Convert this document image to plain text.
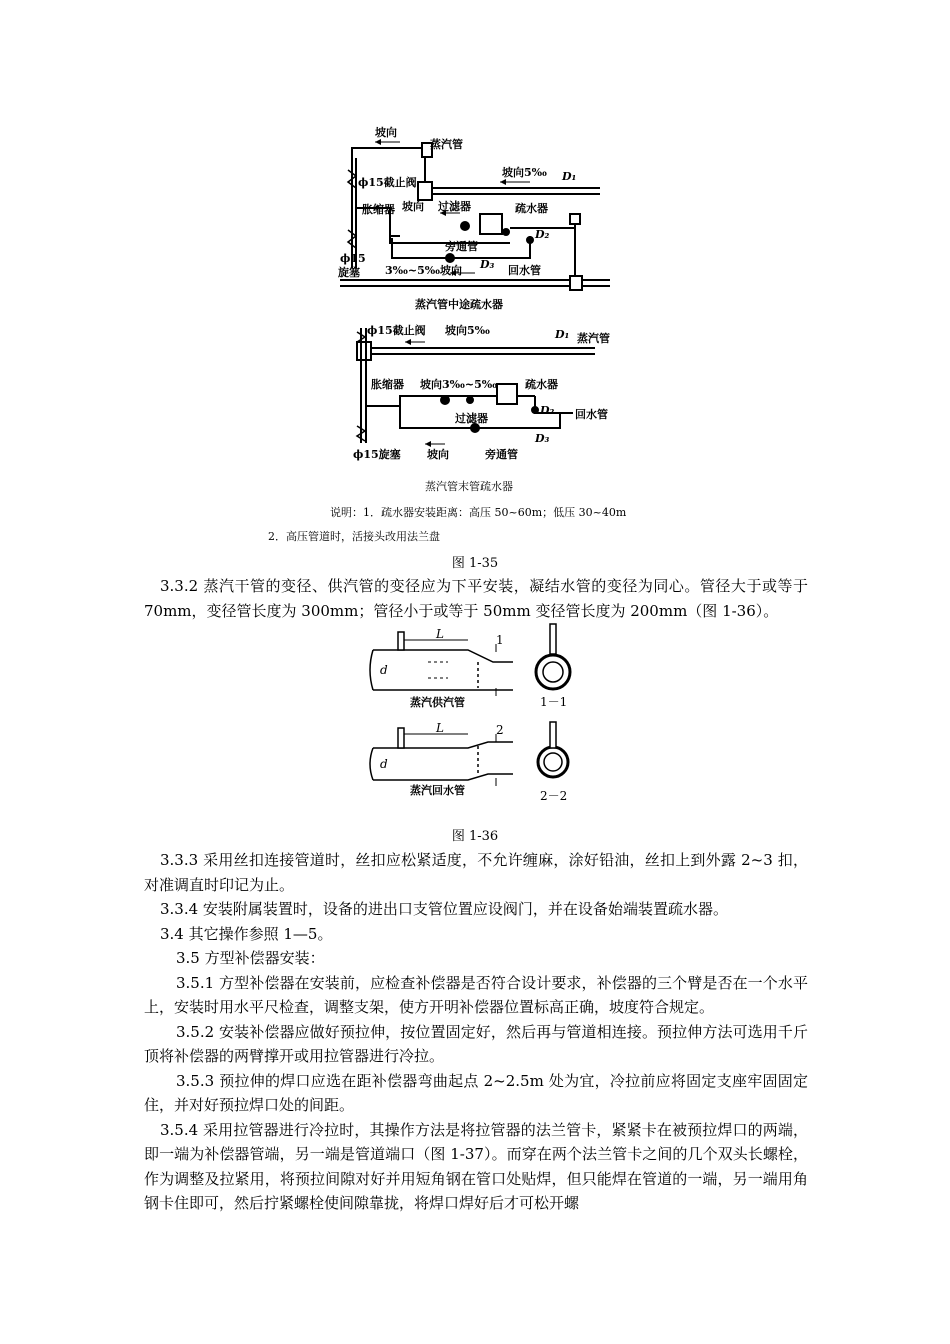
坡向
蒸汽管
ϕ15截止阀
坡向5‰ D₁
胀缩器 坡向 过滤器	疏水器
D₂
旁通管
D₃
ϕ15
旋塞 3‰~5‰坡向	回水管
蒸汽管中途疏水器
ϕ15截止阀 坡向5‰	D₁ 蒸汽管
胀缩器 坡向3‰~5‰	疏水器
过滤器
D₂ 回水管
D₃
ϕ15旋塞 坡向	旁通管
蒸汽管末管疏水器
说明：1．疏水器安装距离：高压 50~60m；低压 30~40m
2．高压管道时，活接头改用法兰盘
图 1-35

3.3.2 蒸汽干管的变径、供汽管的变径应为下平安装，凝结水管的变径为同心。管径大于或等于 70mm，变径管长度为 300mm；管径小于或等于 50mm 变径管长度为 200mm（图 1-36）。

L
d
1
蒸汽供汽管	1－1
L
d
2
蒸汽回水管	2－2
图 1-36

3.3.3 采用丝扣连接管道时，丝扣应松紧适度，不允许缠麻，涂好铅油，丝扣上到外露 2~3 扣，对准调直时印记为止。

3.3.4 安装附属装置时，设备的进出口支管位置应设阀门，并在设备始端装置疏水器。

3.4 其它操作参照 1—5。

3.5 方型补偿器安装：

3.5.1 方型补偿器在安装前，应检查补偿器是否符合设计要求，补偿器的三个臂是否在一个水平上，安装时用水平尺检查，调整支架，使方开明补偿器位置标高正确，坡度符合规定。

3.5.2 安装补偿器应做好预拉伸，按位置固定好，然后再与管道相连接。预拉伸方法可选用千斤顶将补偿器的两臂撑开或用拉管器进行冷拉。

3.5.3 预拉伸的焊口应选在距补偿器弯曲起点 2~2.5m 处为宜，冷拉前应将固定支座牢固固定住，并对好预拉焊口处的间距。

3.5.4 采用拉管器进行冷拉时，其操作方法是将拉管器的法兰管卡，紧紧卡在被预拉焊口的两端，即一端为补偿器管端，另一端是管道端口（图 1-37）。而穿在两个法兰管卡之间的几个双头长螺栓，作为调整及拉紧用，将预拉间隙对好并用短角钢在管口处贴焊，但只能焊在管道的一端，另一端用角钢卡住即可，然后拧紧螺栓使间隙靠拢，将焊口焊好后才可松开螺
